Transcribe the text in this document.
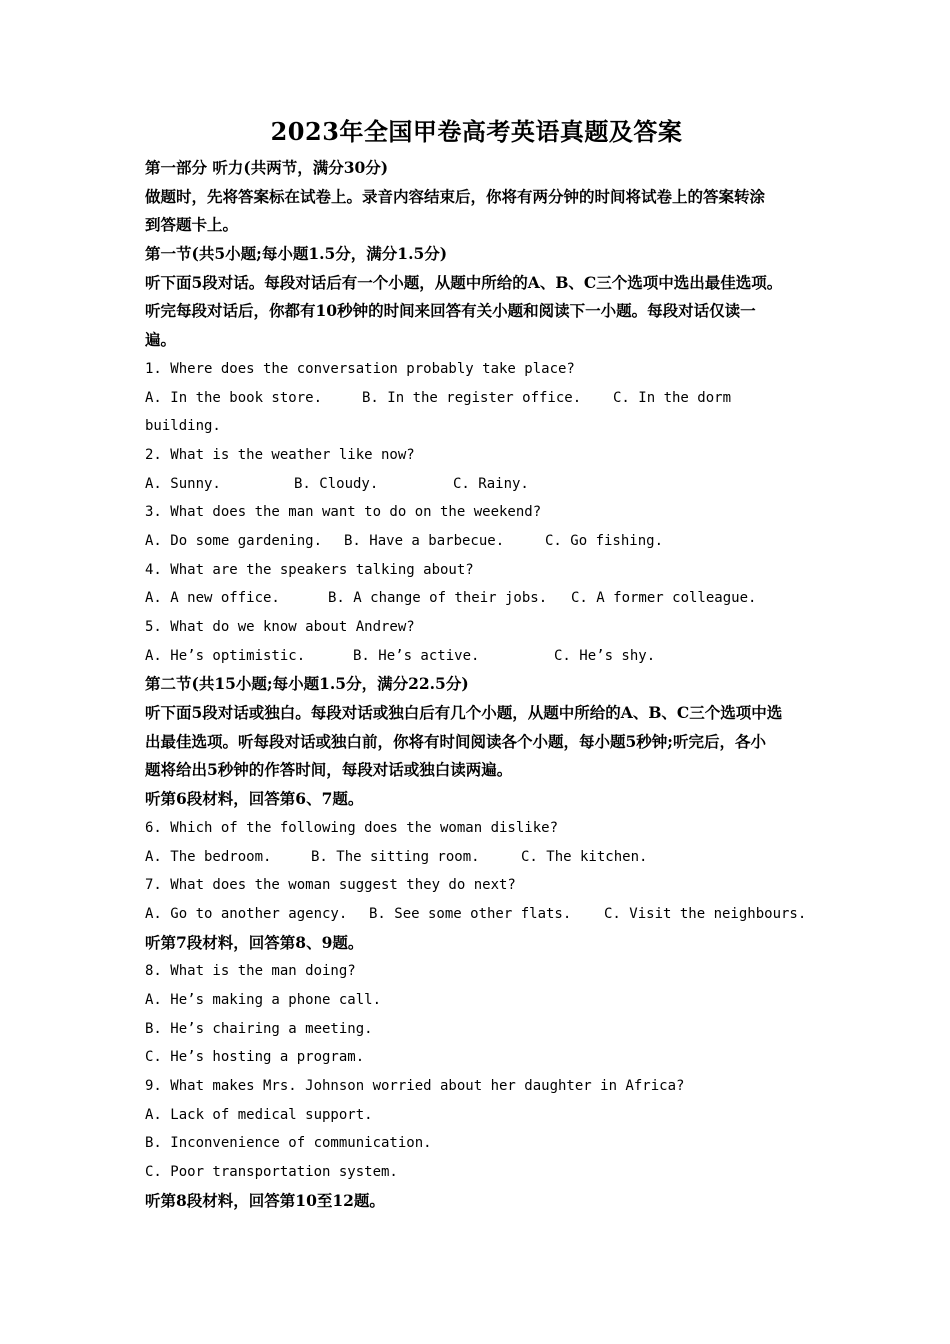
2023年全国甲卷高考英语真题及答案
第一部分 听力(共两节，满分30分)
做题时，先将答案标在试卷上。录音内容结束后，你将有两分钟的时间将试卷上的答案转涂
到答题卡上。
第一节(共5小题;每小题1.5分，满分1.5分)
听下面5段对话。每段对话后有一个小题，从题中所给的A、B、C三个选项中选出最佳选项。
听完每段对话后，你都有10秒钟的时间来回答有关小题和阅读下一小题。每段对话仅读一
遍。
1. Where does the conversation probably take place?
A. In the book store.	B. In the register office. C. In the dorm
building.
2. What is the weather like now?
A. Sunny.	B. Cloudy.	C. Rainy.
3. What does the man want to do on the weekend?
A. Do some gardening. B. Have a barbecue.	C. Go fishing.
4. What are the speakers talking about?
A. A new office.	B. A change of their jobs. C. A former colleague.
5. What do we know about Andrew?
A. He’s optimistic.	B. He’s active.	C. He’s shy.
第二节(共15小题;每小题1.5分，满分22.5分)
听下面5段对话或独白。每段对话或独白后有几个小题，从题中所给的A、B、C三个选项中选
出最佳选项。听每段对话或独白前，你将有时间阅读各个小题，每小题5秒钟;听完后，各小
题将给出5秒钟的作答时间，每段对话或独白读两遍。
听第6段材料，回答第6、7题。
6. Which of the following does the woman dislike?
A. The bedroom.	B. The sitting room.	C. The kitchen.
7. What does the woman suggest they do next?
A. Go to another agency. B. See some other flats. C. Visit the neighbours.
听第7段材料，回答第8、9题。
8. What is the man doing?
A. He’s making a phone call.
B. He’s chairing a meeting.
C. He’s hosting a program.
9. What makes Mrs. Johnson worried about her daughter in Africa?
A. Lack of medical support.
B. Inconvenience of communication.
C. Poor transportation system.
听第8段材料，回答第10至12题。
